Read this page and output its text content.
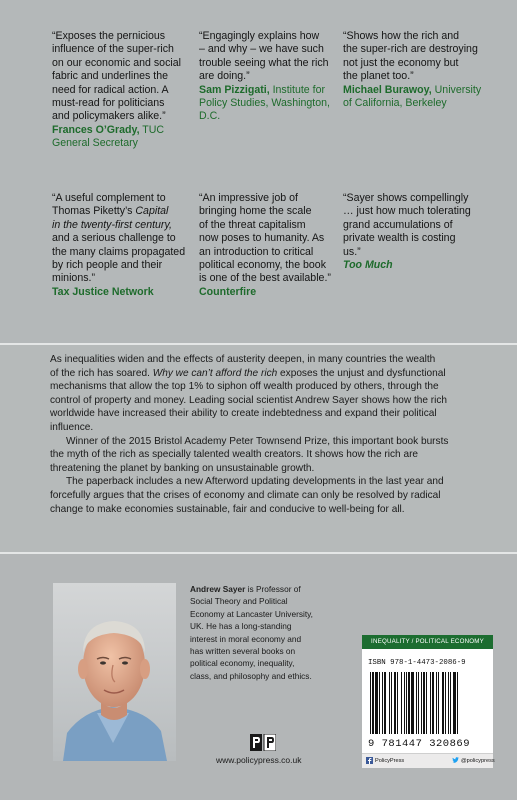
“Exposes the pernicious
influence of the super-rich
on our economic and social
fabric and underlines the
need for radical action. A
must-read for politicians
and policymakers alike.”
Frances O’Grady, TUC
General Secretary
“Engagingly explains how
– and why – we have such
trouble seeing what the rich
are doing.”
Sam Pizzigati, Institute for
Policy Studies, Washington,
D.C.
“Shows how the rich and
the super-rich are destroying
not just the economy but
the planet too.”
Michael Burawoy, University
of California, Berkeley
“A useful complement to
Thomas Piketty’s Capital
in the twenty-first century,
and a serious challenge to
the many claims propagated
by rich people and their
minions.”
Tax Justice Network
“An impressive job of
bringing home the scale
of the threat capitalism
now poses to humanity. As
an introduction to critical
political economy, the book
is one of the best available.”
Counterfire
“Sayer shows compellingly
… just how much tolerating
grand accumulations of
private wealth is costing
us.”
Too Much

As inequalities widen and the effects of austerity deepen, in many countries the wealth

of the rich has soared. Why we can’t afford the rich exposes the unjust and dysfunctional

mechanisms that allow the top 1% to siphon off wealth produced by others, through the

control of property and money. Leading social scientist Andrew Sayer shows how the rich

worldwide have increased their ability to create indebtedness and expand their political

influence.

Winner of the 2015 Bristol Academy Peter Townsend Prize, this important book bursts

the myth of the rich as specially talented wealth creators. It shows how the rich are

threatening the planet by banking on unsustainable growth.

The paperback includes a new Afterword updating developments in the last year and

forcefully argues that the crises of economy and climate can only be resolved by radical

change to make economies sustainable, fair and conducive to well-being for all.

Andrew Sayer is Professor of
Social Theory and Political
Economy at Lancaster University,
UK. He has a long-standing
interest in moral economy and
has written several books on
political economy, inequality,
class, and philosophy and ethics.
www.policypress.co.uk
INEQUALITY / POLITICAL ECONOMY
ISBN 978-1-4473-2086-9
9 781447 320869
PolicyPress	@policypress
